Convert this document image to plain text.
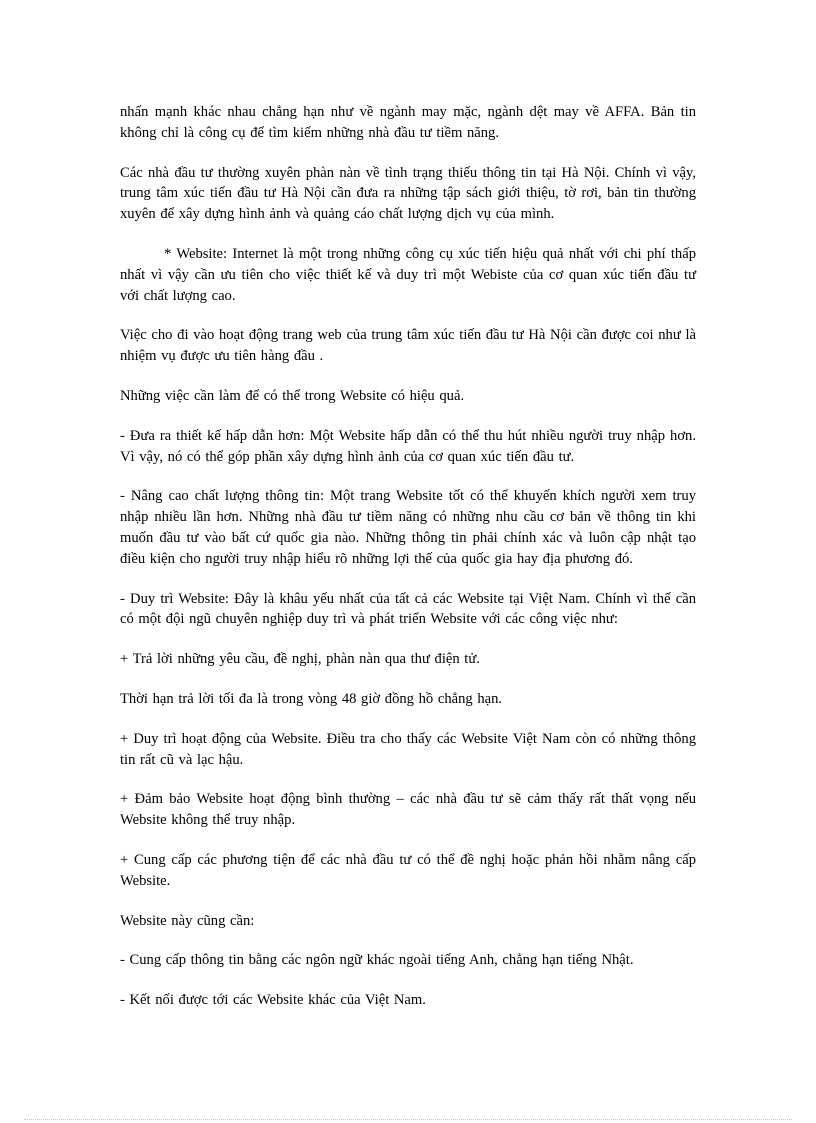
nhấn mạnh khác nhau chẳng hạn như về ngành may mặc, ngành dệt may về AFFA. Bản tin không chỉ là công cụ để tìm kiếm những nhà đầu tư tiềm năng.

Các nhà đầu tư thường xuyên phàn nàn về tình trạng thiếu thông tin tại Hà Nội. Chính vì vậy, trung tâm xúc tiến đầu tư Hà Nội cần đưa ra những tập sách giới thiệu, tờ rơi, bản tin thường xuyên để xây dựng hình ảnh và quảng cáo chất lượng dịch vụ của mình.

* Website: Internet là một trong những công cụ xúc tiến hiệu quả nhất với chi phí thấp nhất vì vậy cần ưu tiên cho việc thiết kế và duy trì một Webiste của cơ quan xúc tiến đầu tư với chất lượng cao.

Việc cho đi vào hoạt động trang web của trung tâm xúc tiến đầu tư Hà Nội cần được coi như là nhiệm vụ được ưu tiên hàng đầu .

Những việc cần làm để có thể trong Website có hiệu quả.

- Đưa ra thiết kế hấp dẫn hơn: Một Website hấp dẫn có thể thu hút nhiều người truy nhập hơn. Vì vậy, nó có thể góp phần xây dựng hình ảnh của cơ quan xúc tiến đầu tư.

- Nâng cao chất lượng thông tin: Một trang Website tốt có thể khuyến khích người xem truy nhập nhiều lần hơn. Những nhà đầu tư tiềm năng có những nhu cầu cơ bản về thông tin khi muốn đầu tư vào bất cứ quốc gia nào. Những thông tin phải chính xác và luôn cập nhật tạo điều kiện cho người truy nhập hiểu rõ những lợi thế của quốc gia hay địa phương đó.

- Duy trì Website: Đây là khâu yếu nhất của tất cả các Website tại Việt Nam. Chính vì thế cần có một đội ngũ chuyên nghiệp duy trì và phát triển Website với các công việc như:

+ Trả lời những yêu cầu, đề nghị, phàn nàn qua thư điện tử.

Thời hạn trả lời tối đa là trong vòng 48 giờ đồng hồ chẳng hạn.

+ Duy trì hoạt động của Website. Điều tra cho thấy các Website Việt Nam còn có những thông tin rất cũ và lạc hậu.

+ Đảm bảo Website hoạt động bình thường – các nhà đầu tư sẽ cảm thấy rất thất vọng nếu Website không thể truy nhập.

+ Cung cấp các phương tiện để các nhà đầu tư có thể đề nghị hoặc phản hồi nhằm nâng cấp Website.

Website này cũng cần:

- Cung cấp thông tin bằng các ngôn ngữ khác ngoài tiếng Anh, chẳng hạn tiếng Nhật.

- Kết nối được tới các Website khác của Việt Nam.
